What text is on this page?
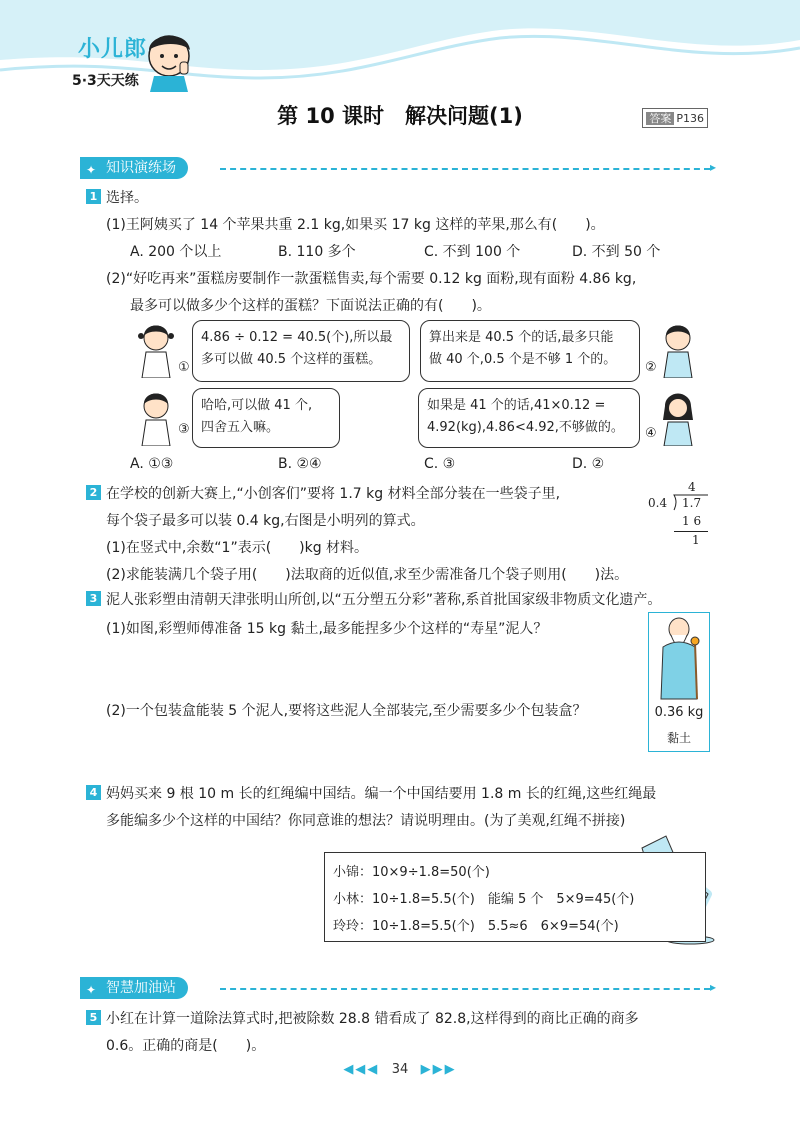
小儿郎
5·3天天练
第 10 课时　解决问题(1)	答案 P136
✦ 知识演练场	▸
1 选择。
(1)王阿姨买了 14 个苹果共重 2.1 kg,如果买 17 kg 这样的苹果,那么有(　　)。
A. 200 个以上	B. 110 多个	C. 不到 100 个	D. 不到 50 个
(2)“好吃再来”蛋糕房要制作一款蛋糕售卖,每个需要 0.12 kg 面粉,现有面粉 4.86 kg,
最多可以做多少个这样的蛋糕？下面说法正确的有(　　)。
①
4.86 ÷ 0.12 = 40.5(个),所以最
多可以做 40.5 个这样的蛋糕。
算出来是 40.5 个的话,最多只能
做 40 个,0.5 个是不够 1 个的。
②
③
哈哈,可以做 41 个,
四舍五入嘛。
如果是 41 个的话,41×0.12 =
4.92(kg),4.86<4.92,不够做的。	④
A. ①③	B. ②④	C. ③	D. ②
2 在学校的创新大赛上,“小创客们”要将 1.7 kg 材料全部分装在一些袋子里,
每个袋子最多可以装 0.4 kg,右图是小明列的算式。
(1)在竖式中,余数“1”表示(　　)kg 材料。
(2)求能装满几个袋子用(　　)法取商的近似值,求至少需准备几个袋子则用(　　)法。
4
0.4 1.7
1 6
1
3 泥人张彩塑由清朝天津张明山所创,以“五分塑五分彩”著称,系首批国家级非物质文化遗产。
(1)如图,彩塑师傅准备 15 kg 黏土,最多能捏多少个这样的“寿星”泥人？
(2)一个包装盒能装 5 个泥人,要将这些泥人全部装完,至少需要多少个包装盒？	0.36 kg
黏土
4 妈妈买来 9 根 10 m 长的红绳编中国结。编一个中国结要用 1.8 m 长的红绳,这些红绳最
多能编多少个这样的中国结？你同意谁的想法？请说明理由。(为了美观,红绳不拼接)
小锦：10×9÷1.8=50(个)
小林：10÷1.8=5.5̇(个)　能编 5 个　5×9=45(个)
玲玲：10÷1.8=5.5̇(个)　5.5̇≈6　6×9=54(个)
✦ 智慧加油站	▸
5 小红在计算一道除法算式时,把被除数 28.8 错看成了 82.8,这样得到的商比正确的商多
0.6。正确的商是(　　)。
◀◀◀ 34 ▶▶▶
